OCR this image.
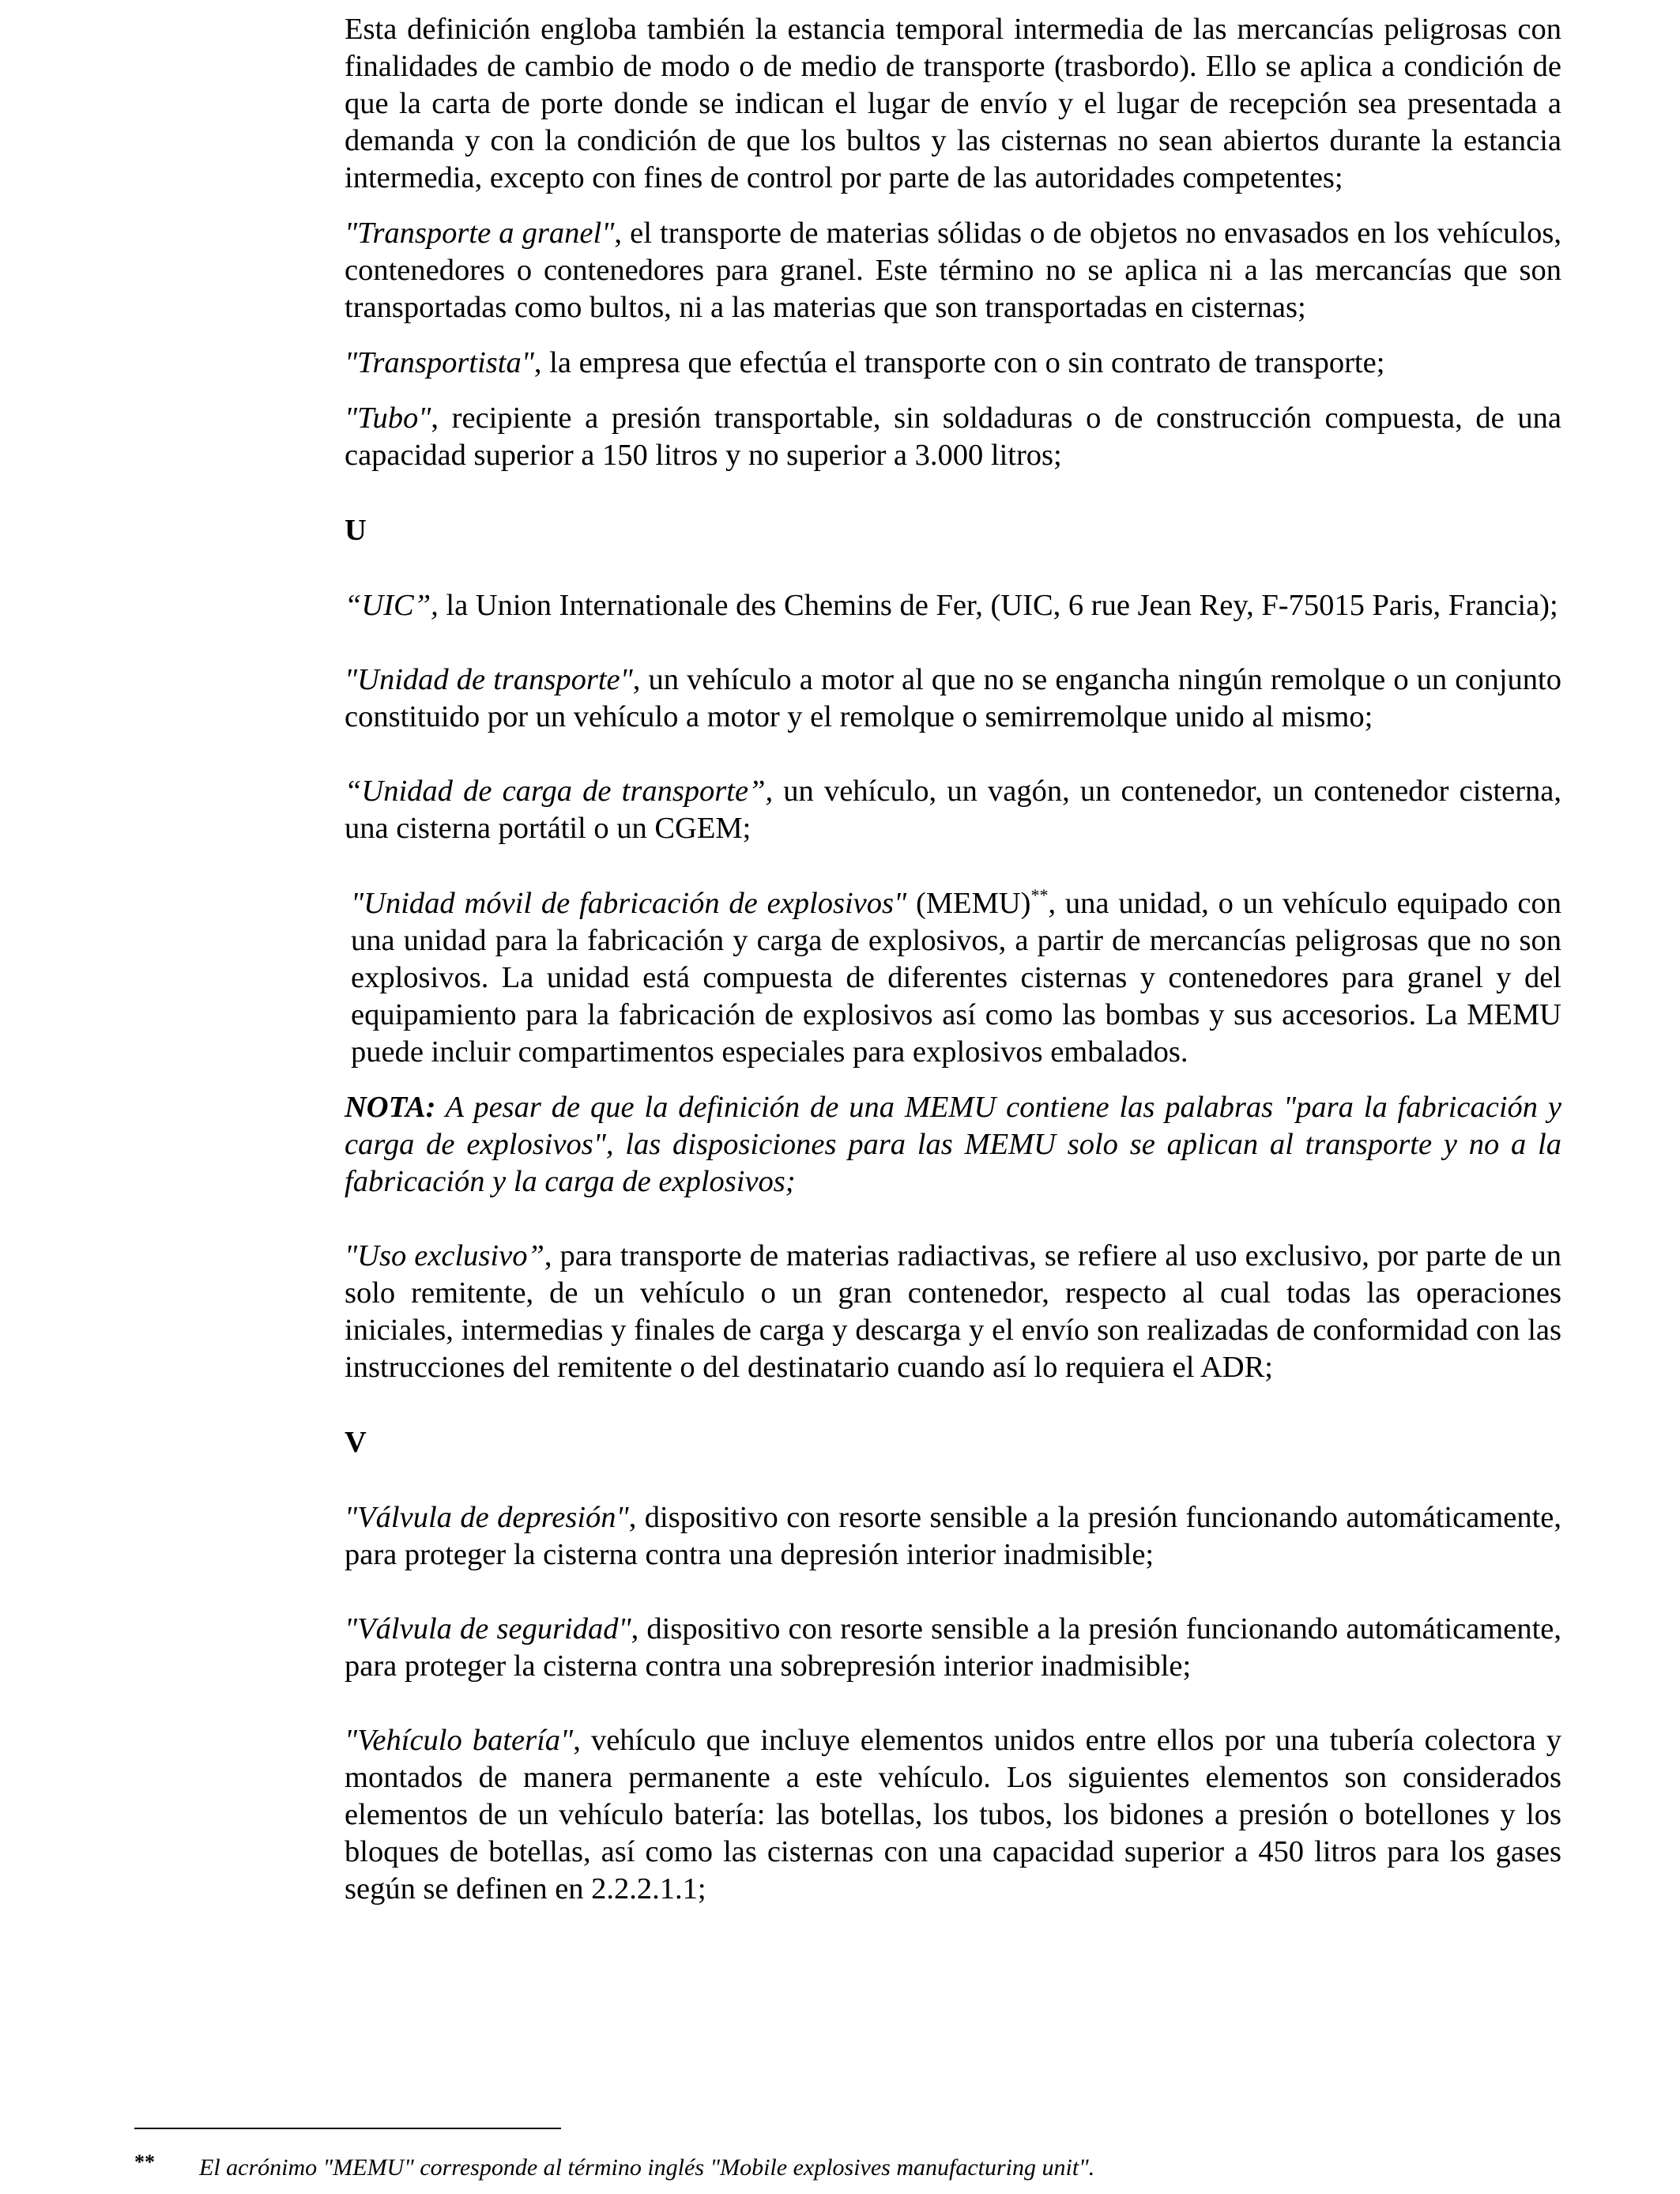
Esta definición engloba también la estancia temporal intermedia de las mercancías peligrosas con finalidades de cambio de modo o de medio de transporte (trasbordo). Ello se aplica a condición de que la carta de porte donde se indican el lugar de envío y el lugar de recepción sea presentada a demanda y con la condición de que los bultos y las cisternas no sean abiertos durante la estancia intermedia, excepto con fines de control por parte de las autoridades competentes;

"Transporte a granel", el transporte de materias sólidas o de objetos no envasados en los vehículos, contenedores o contenedores para granel. Este término no se aplica ni a las mercancías que son transportadas como bultos, ni a las materias que son transportadas en cisternas;

"Transportista", la empresa que efectúa el transporte con o sin contrato de transporte;

"Tubo", recipiente a presión transportable, sin soldaduras o de construcción compuesta, de una capacidad superior a 150 litros y no superior a 3.000 litros;

U

“UIC”, la Union Internationale des Chemins de Fer, (UIC, 6 rue Jean Rey, F-75015 Paris, Francia);

"Unidad de transporte", un vehículo a motor al que no se engancha ningún remolque o un conjunto constituido por un vehículo a motor y el remolque o semirremolque unido al mismo;

“Unidad de carga de transporte”, un vehículo, un vagón, un contenedor, un contenedor cisterna, una cisterna portátil o un CGEM;

"Unidad móvil de fabricación de explosivos" (MEMU)**, una unidad, o un vehículo equipado con una unidad para la fabricación y carga de explosivos, a partir de mercancías peligrosas que no son explosivos. La unidad está compuesta de diferentes cisternas y contenedores para granel y del equipamiento para la fabricación de explosivos así como las bombas y sus accesorios. La MEMU puede incluir compartimentos especiales para explosivos embalados.

NOTA: A pesar de que la definición de una MEMU contiene las palabras "para la fabricación y carga de explosivos", las disposiciones para las MEMU solo se aplican al transporte y no a la fabricación y la carga de explosivos;

"Uso exclusivo”, para transporte de materias radiactivas, se refiere al uso exclusivo, por parte de un solo remitente, de un vehículo o un gran contenedor, respecto al cual todas las operaciones iniciales, intermedias y finales de carga y descarga y el envío son realizadas de conformidad con las instrucciones del remitente o del destinatario cuando así lo requiera el ADR;

V

"Válvula de depresión", dispositivo con resorte sensible a la presión funcionando automáticamente, para proteger la cisterna contra una depresión interior inadmisible;

"Válvula de seguridad", dispositivo con resorte sensible a la presión funcionando automáticamente, para proteger la cisterna contra una sobrepresión interior inadmisible;

"Vehículo batería", vehículo que incluye elementos unidos entre ellos por una tubería colectora y montados de manera permanente a este vehículo. Los siguientes elementos son considerados elementos de un vehículo batería: las botellas, los tubos, los bidones a presión o botellones y los bloques de botellas, así como las cisternas con una capacidad superior a 450 litros para los gases según se definen en 2.2.2.1.1;

** El acrónimo "MEMU" corresponde al término inglés "Mobile explosives manufacturing unit".
